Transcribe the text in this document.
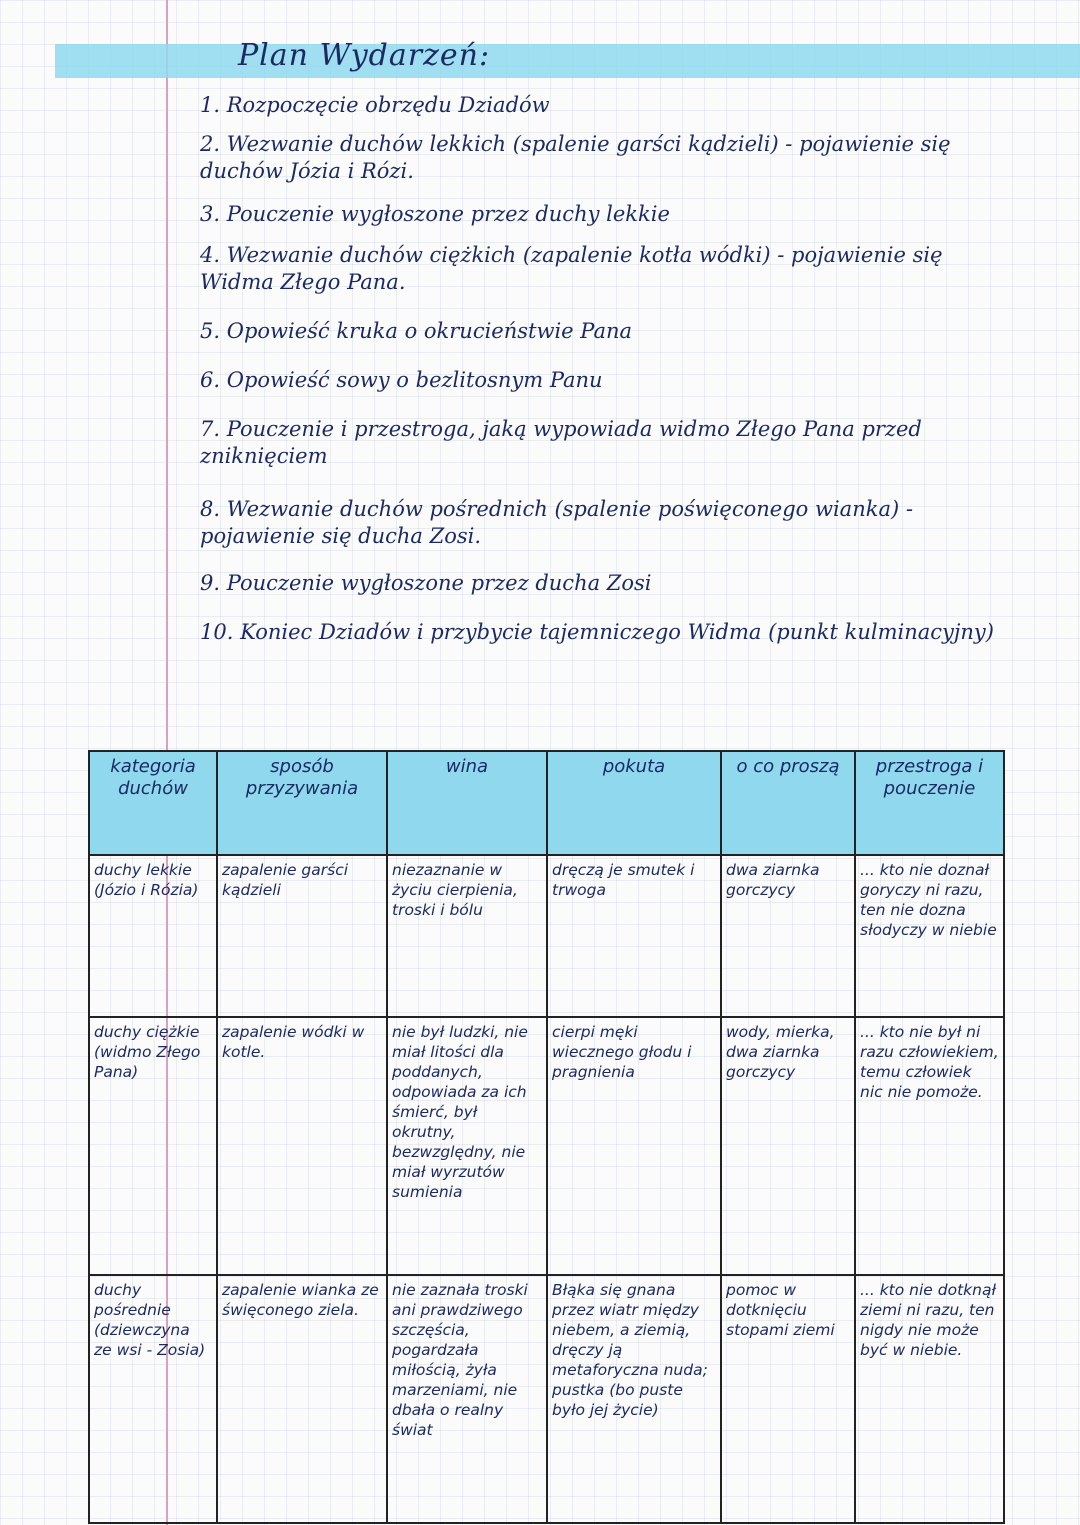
Plan Wydarzeń:
1. Rozpoczęcie obrzędu Dziadów
2. Wezwanie duchów lekkich (spalenie garści kądzieli) - pojawienie się duchów Józia i Rózi.
3. Pouczenie wygłoszone przez duchy lekkie
4. Wezwanie duchów ciężkich (zapalenie kotła wódki) - pojawienie się Widma Złego Pana.
5. Opowieść kruka o okrucieństwie Pana
6. Opowieść sowy o bezlitosnym Panu
7. Pouczenie i przestroga, jaką wypowiada widmo Złego Pana przed zniknięciem
8. Wezwanie duchów pośrednich (spalenie poświęconego wianka) - pojawienie się ducha Zosi.
9. Pouczenie wygłoszone przez ducha Zosi
10. Koniec Dziadów i przybycie tajemniczego Widma (punkt kulminacyjny)
kategoria duchów	sposób przyzywania	wina	pokuta	o co proszą	przestroga i pouczenie
duchy lekkie (Józio i Rózia)	zapalenie garści kądzieli	niezaznanie w życiu cierpienia, troski i bólu	dręczą je smutek i trwoga	dwa ziarnka gorczycy	... kto nie doznał goryczy ni razu, ten nie dozna słodyczy w niebie
duchy ciężkie (widmo Złego Pana)	zapalenie wódki w kotle.	nie był ludzki, nie miał litości dla poddanych, odpowiada za ich śmierć, był okrutny, bezwzględny, nie miał wyrzutów sumienia	cierpi męki wiecznego głodu i pragnienia	wody, mierka, dwa ziarnka gorczycy	... kto nie był ni razu człowiekiem, temu człowiek nic nie pomoże.
duchy pośrednie (dziewczyna ze wsi - Zosia)	zapalenie wianka ze święconego ziela.	nie zaznała troski ani prawdziwego szczęścia, pogardzała miłością, żyła marzeniami, nie dbała o realny świat	Błąka się gnana przez wiatr między niebem, a ziemią, dręczy ją metaforyczna nuda; pustka (bo puste było jej życie)	pomoc w dotknięciu stopami ziemi	... kto nie dotknął ziemi ni razu, ten nigdy nie może być w niebie.
